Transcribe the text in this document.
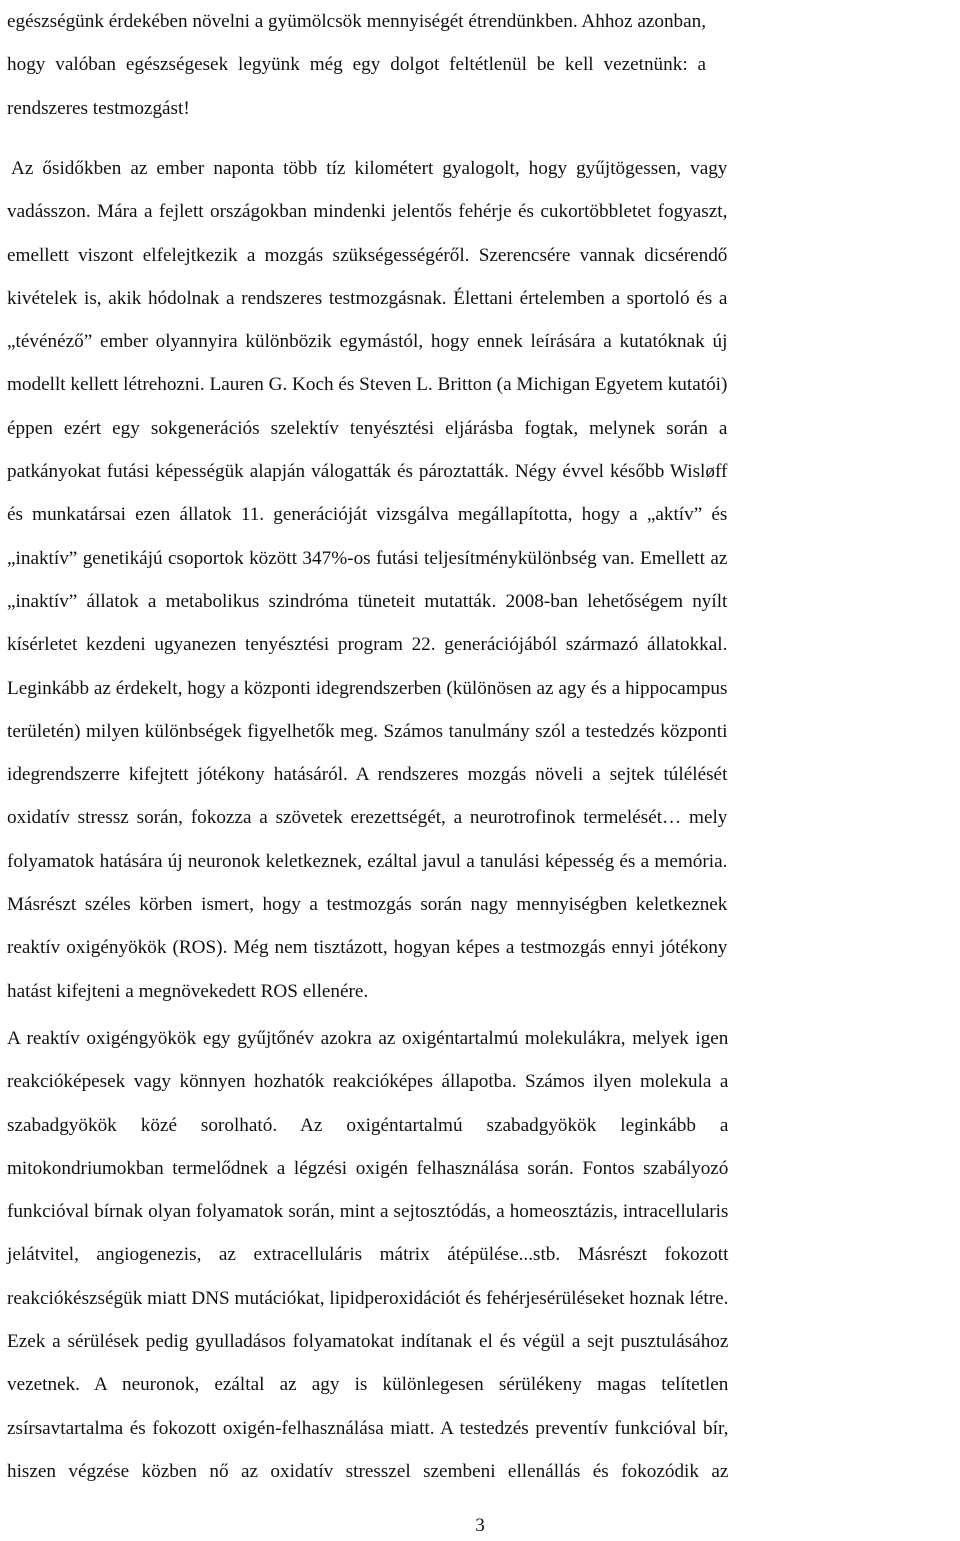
egészségünk érdekében növelni a gyümölcsök mennyiségét étrendünkben. Ahhoz azonban,
hogy valóban egészségesek legyünk még egy dolgot feltétlenül be kell vezetnünk: a
rendszeres testmozgást!
Az ősidőkben az ember naponta több tíz kilométert gyalogolt, hogy gyűjtögessen, vagy
vadásszon. Mára a fejlett országokban mindenki jelentős fehérje és cukortöbbletet fogyaszt,
emellett viszont elfelejtkezik a mozgás szükségességéről. Szerencsére vannak dicsérendő
kivételek is, akik hódolnak a rendszeres testmozgásnak. Élettani értelemben a sportoló és a
„tévénéző” ember olyannyira különbözik egymástól, hogy ennek leírására a kutatóknak új
modellt kellett létrehozni. Lauren G. Koch és Steven L. Britton (a Michigan Egyetem kutatói)
éppen ezért egy sokgenerációs szelektív tenyésztési eljárásba fogtak, melynek során a
patkányokat futási képességük alapján válogatták és pároztatták. Négy évvel később Wisløff
és munkatársai ezen állatok 11. generációját vizsgálva megállapította, hogy a „aktív” és
„inaktív” genetikájú csoportok között 347%-os futási teljesítménykülönbség van. Emellett az
„inaktív” állatok a metabolikus szindróma tüneteit mutatták. 2008-ban lehetőségem nyílt
kísérletet kezdeni ugyanezen tenyésztési program 22. generációjából származó állatokkal.
Leginkább az érdekelt, hogy a központi idegrendszerben (különösen az agy és a hippocampus
területén) milyen különbségek figyelhetők meg. Számos tanulmány szól a testedzés központi
idegrendszerre kifejtett jótékony hatásáról. A rendszeres mozgás növeli a sejtek túlélését
oxidatív stressz során, fokozza a szövetek erezettségét, a neurotrofinok termelését… mely
folyamatok hatására új neuronok keletkeznek, ezáltal javul a tanulási képesség és a memória.
Másrészt széles körben ismert, hogy a testmozgás során nagy mennyiségben keletkeznek
reaktív oxigényökök (ROS). Még nem tisztázott, hogyan képes a testmozgás ennyi jótékony
hatást kifejteni a megnövekedett ROS ellenére.
A reaktív oxigéngyökök egy gyűjtőnév azokra az oxigéntartalmú molekulákra, melyek igen
reakcióképesek vagy könnyen hozhatók reakcióképes állapotba. Számos ilyen molekula a
szabadgyökök közé sorolható. Az oxigéntartalmú szabadgyökök leginkább a
mitokondriumokban termelődnek a légzési oxigén felhasználása során. Fontos szabályozó
funkcióval bírnak olyan folyamatok során, mint a sejtosztódás, a homeosztázis, intracellularis
jelátvitel, angiogenezis, az extracelluláris mátrix átépülése...stb. Másrészt fokozott
reakciókészségük miatt DNS mutációkat, lipidperoxidációt és fehérjesérüléseket hoznak létre.
Ezek a sérülések pedig gyulladásos folyamatokat indítanak el és végül a sejt pusztulásához
vezetnek. A neuronok, ezáltal az agy is különlegesen sérülékeny magas telítetlen
zsírsavtartalma és fokozott oxigén-felhasználása miatt. A testedzés preventív funkcióval bír,
hiszen végzése közben nő az oxidatív stresszel szembeni ellenállás és fokozódik az
3
